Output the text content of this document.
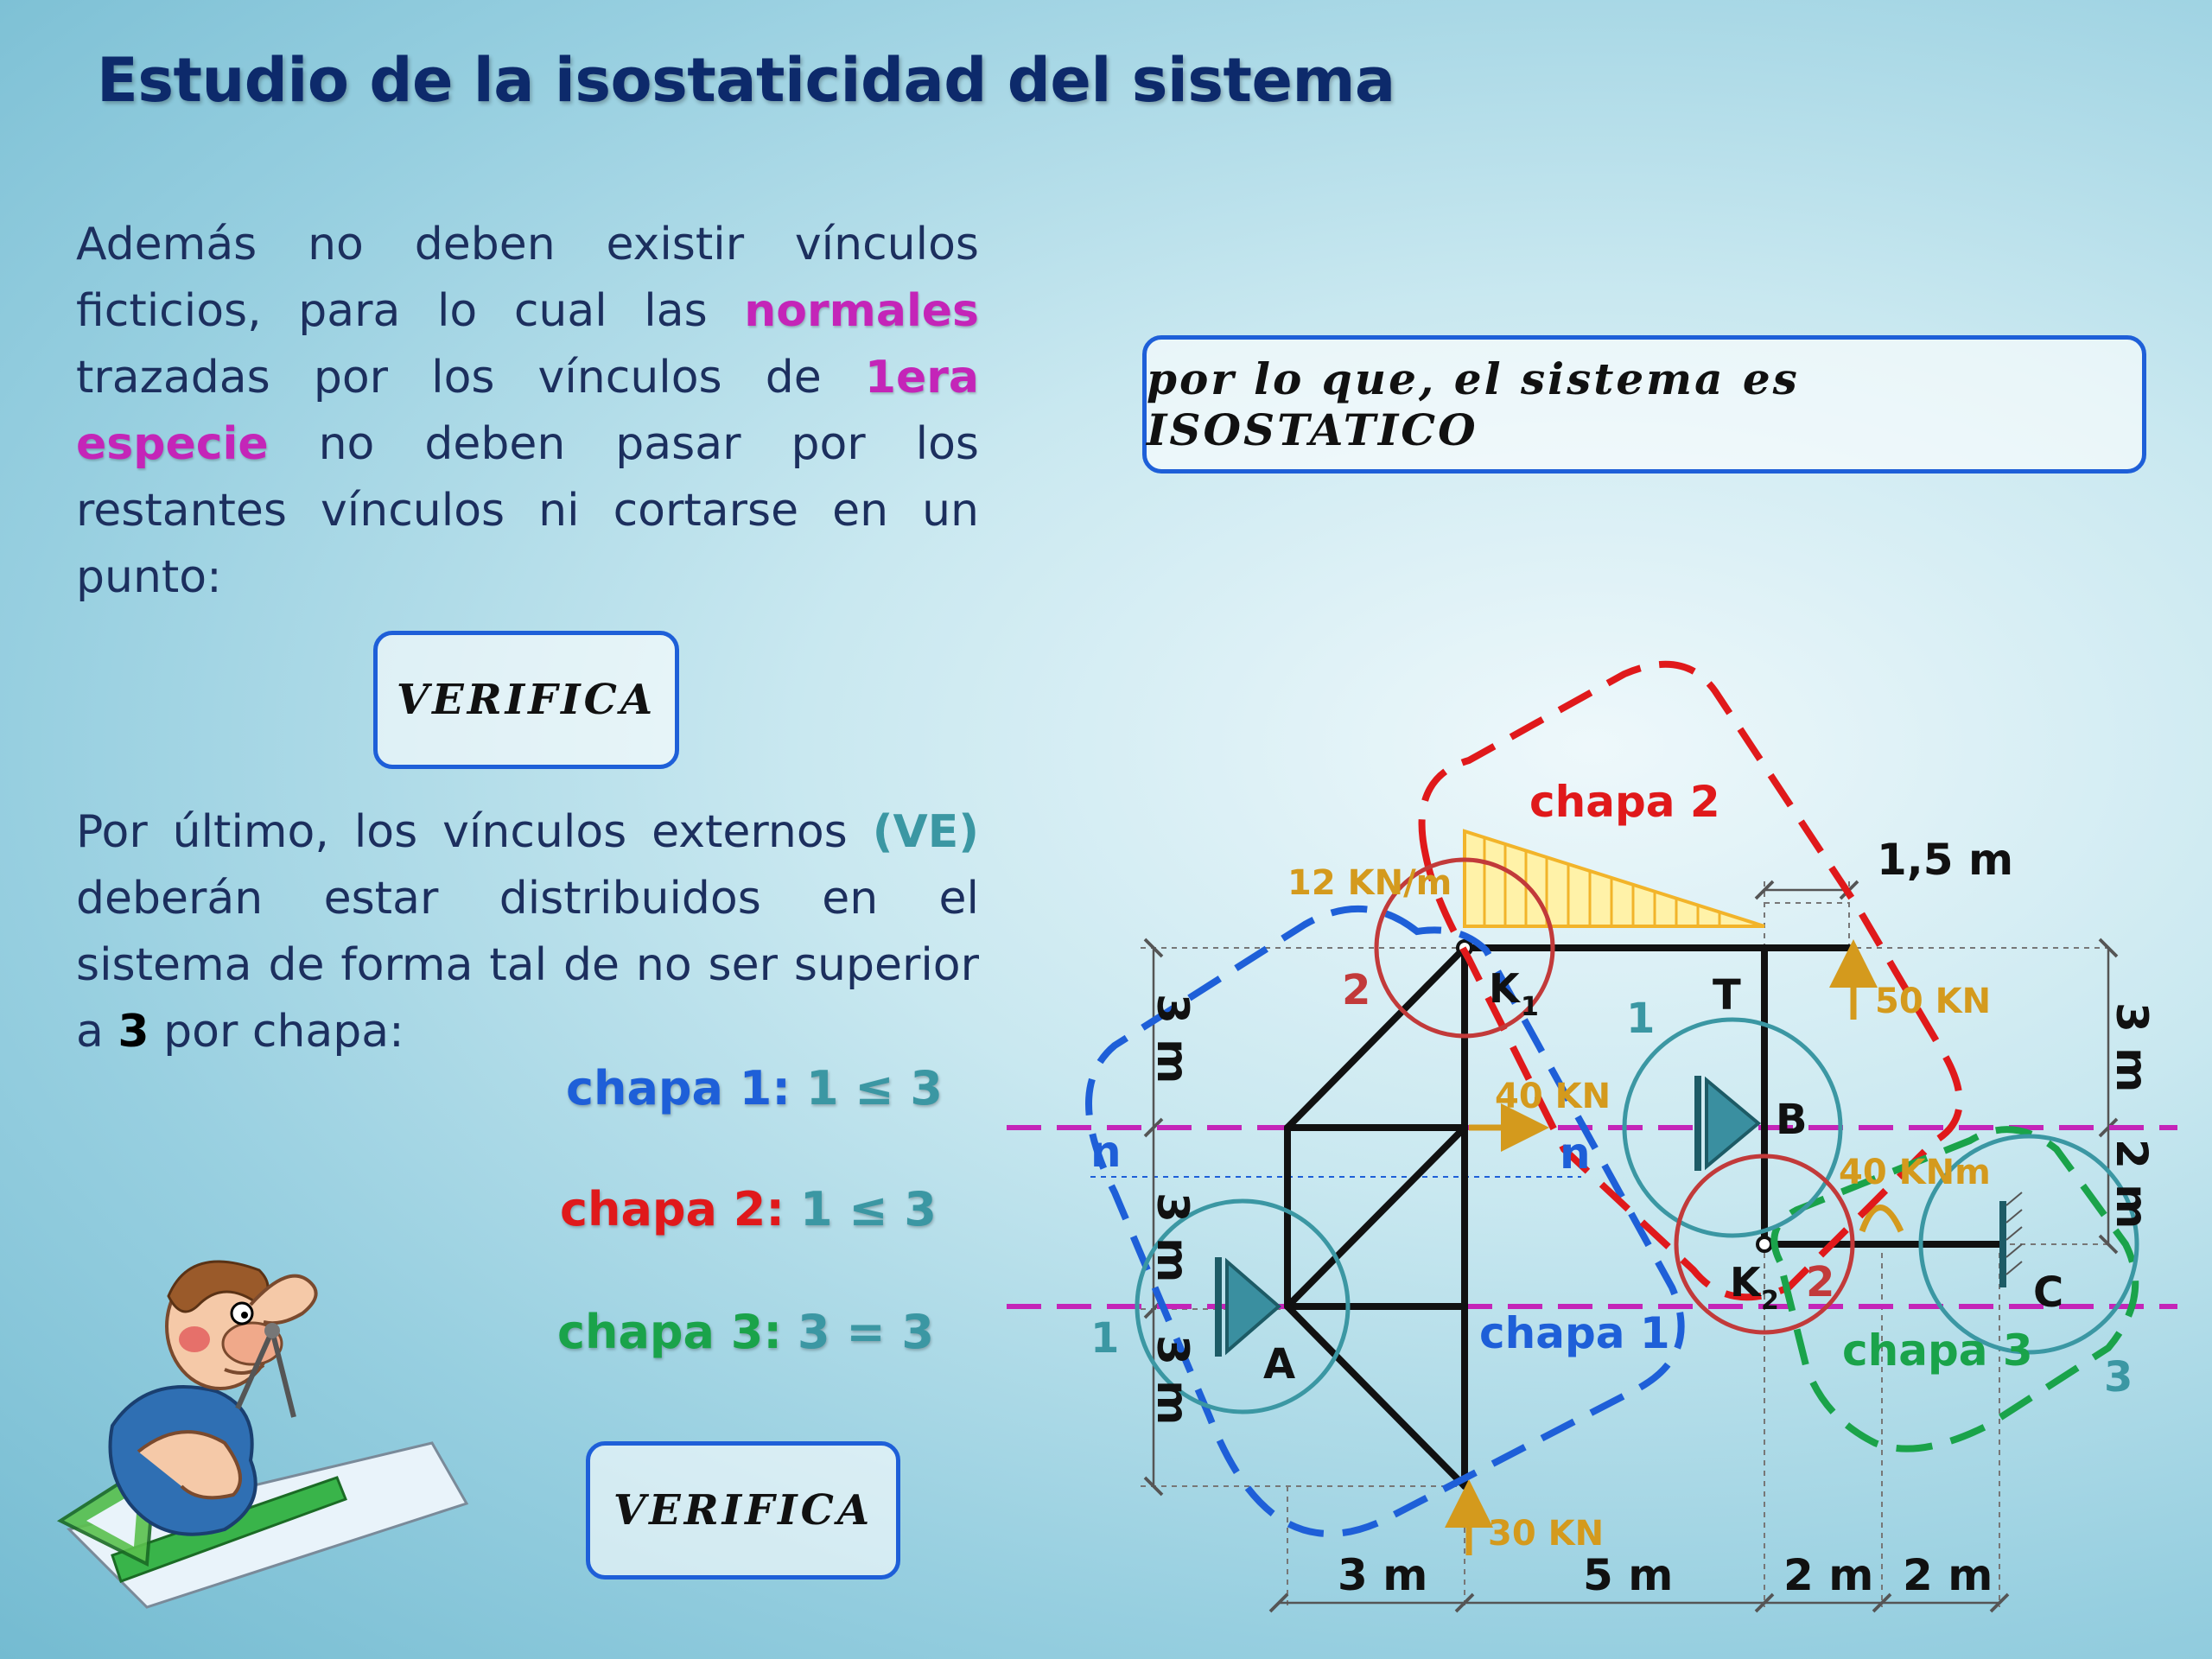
Estudio de la isostaticidad del sistema
Además no deben existir vínculos ficticios, para lo cual las normales trazadas por los vínculos de 1era especie no deben pasar por los restantes vínculos ni cortarse en un punto:
VERIFICA
por lo que, el sistema es ISOSTATICO
Por último, los vínculos externos (VE) deberán estar distribuidos en el sistema de forma tal de no ser superior a 3 por chapa:
chapa 1: 1 ≤ 3
chapa 2: 1 ≤ 3
chapa 3: 3 = 3
VERIFICA
chapa 2
chapa 1	chapa 3
12 KN/m
40 KN
50 KN
30 KN
40 KNm
A
B
C
T
K 1
K 2
n	n
1
1
3
2
2
3 m	5 m	2 m 2 m
1,5 m
3 m
3 m
3 m
3 m
2 m
